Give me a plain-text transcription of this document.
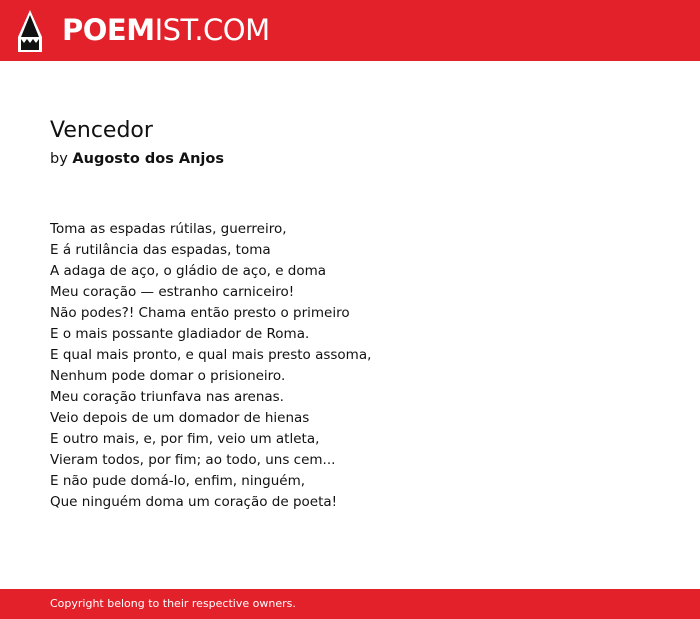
POEMIST.COM
Vencedor
by Augosto dos Anjos
Toma as espadas rútilas, guerreiro,
E á rutilância das espadas, toma
A adaga de aço, o gládio de aço, e doma
Meu coração — estranho carniceiro!
Não podes?! Chama então presto o primeiro
E o mais possante gladiador de Roma.
E qual mais pronto, e qual mais presto assoma,
Nenhum pode domar o prisioneiro.
Meu coração triunfava nas arenas.
Veio depois de um domador de hienas
E outro mais, e, por fim, veio um atleta,
Vieram todos, por fim; ao todo, uns cem...
E não pude domá-lo, enfim, ninguém,
Que ninguém doma um coração de poeta!
Copyright belong to their respective owners.
